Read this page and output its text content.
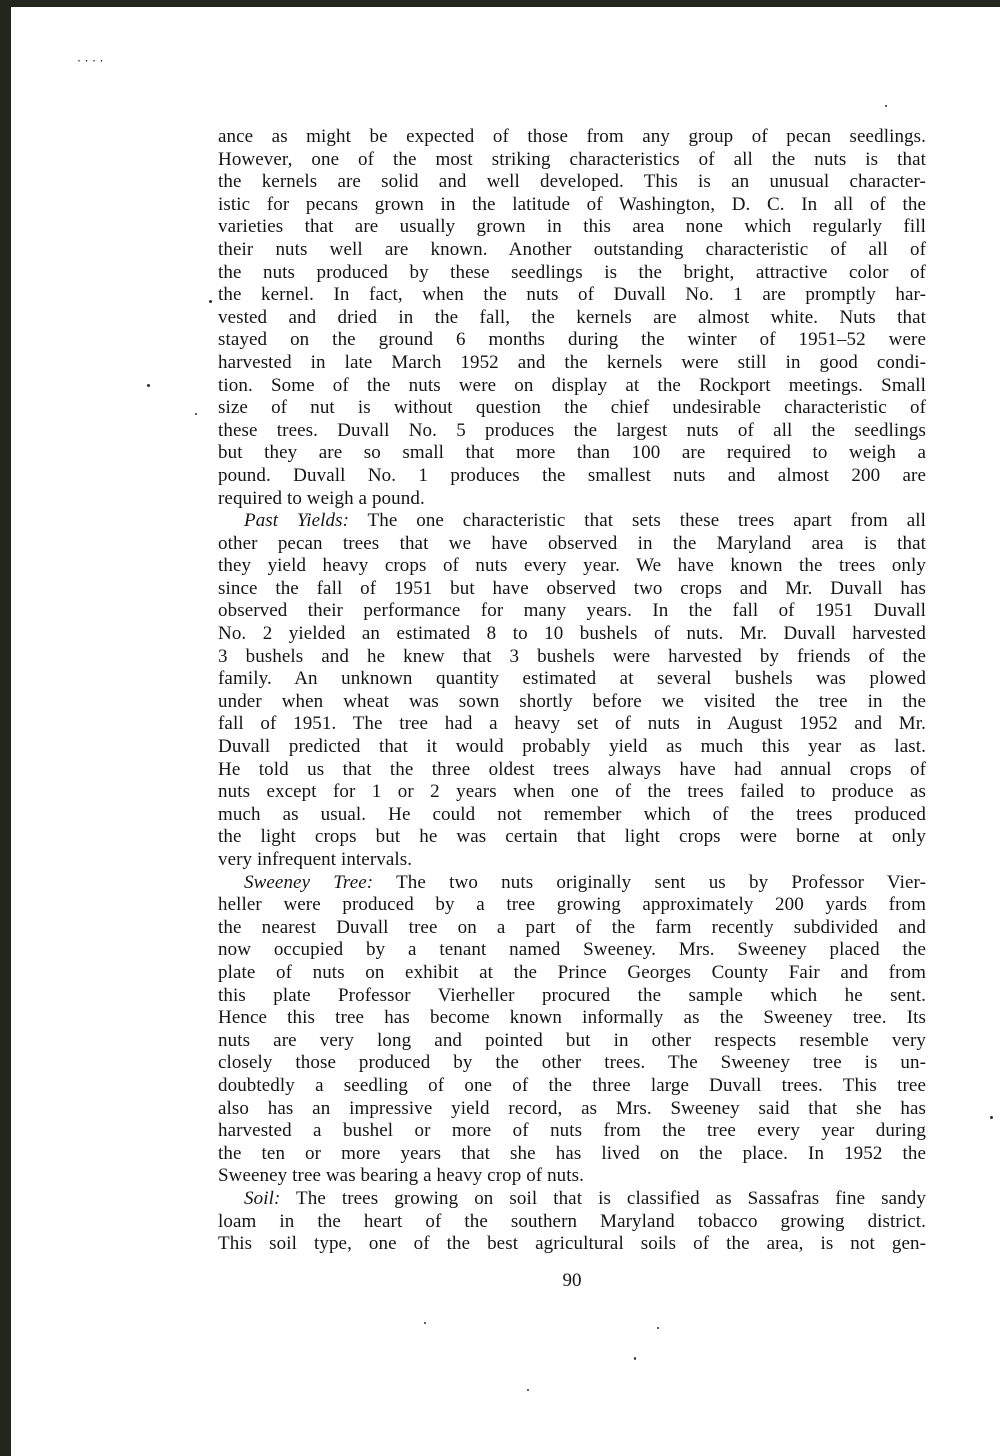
····
ance as might be expected of those from any group of pecan seedlings.
However, one of the most striking characteristics of all the nuts is that
the kernels are solid and well developed. This is an unusual character-
istic for pecans grown in the latitude of Washington, D. C. In all of the
varieties that are usually grown in this area none which regularly fill
their nuts well are known. Another outstanding characteristic of all of
the nuts produced by these seedlings is the bright, attractive color of
the kernel. In fact, when the nuts of Duvall No. 1 are promptly har-
vested and dried in the fall, the kernels are almost white. Nuts that
stayed on the ground 6 months during the winter of 1951–52 were
harvested in late March 1952 and the kernels were still in good condi-
tion. Some of the nuts were on display at the Rockport meetings. Small
size of nut is without question the chief undesirable characteristic of
these trees. Duvall No. 5 produces the largest nuts of all the seedlings
but they are so small that more than 100 are required to weigh a
pound. Duvall No. 1 produces the smallest nuts and almost 200 are
required to weigh a pound.
Past Yields: The one characteristic that sets these trees apart from all
other pecan trees that we have observed in the Maryland area is that
they yield heavy crops of nuts every year. We have known the trees only
since the fall of 1951 but have observed two crops and Mr. Duvall has
observed their performance for many years. In the fall of 1951 Duvall
No. 2 yielded an estimated 8 to 10 bushels of nuts. Mr. Duvall harvested
3 bushels and he knew that 3 bushels were harvested by friends of the
family. An unknown quantity estimated at several bushels was plowed
under when wheat was sown shortly before we visited the tree in the
fall of 1951. The tree had a heavy set of nuts in August 1952 and Mr.
Duvall predicted that it would probably yield as much this year as last.
He told us that the three oldest trees always have had annual crops of
nuts except for 1 or 2 years when one of the trees failed to produce as
much as usual. He could not remember which of the trees produced
the light crops but he was certain that light crops were borne at only
very infrequent intervals.
Sweeney Tree: The two nuts originally sent us by Professor Vier-
heller were produced by a tree growing approximately 200 yards from
the nearest Duvall tree on a part of the farm recently subdivided and
now occupied by a tenant named Sweeney. Mrs. Sweeney placed the
plate of nuts on exhibit at the Prince Georges County Fair and from
this plate Professor Vierheller procured the sample which he sent.
Hence this tree has become known informally as the Sweeney tree. Its
nuts are very long and pointed but in other respects resemble very
closely those produced by the other trees. The Sweeney tree is un-
doubtedly a seedling of one of the three large Duvall trees. This tree
also has an impressive yield record, as Mrs. Sweeney said that she has
harvested a bushel or more of nuts from the tree every year during
the ten or more years that she has lived on the place. In 1952 the
Sweeney tree was bearing a heavy crop of nuts.
Soil: The trees growing on soil that is classified as Sassafras fine sandy
loam in the heart of the southern Maryland tobacco growing district.
This soil type, one of the best agricultural soils of the area, is not gen-
90
